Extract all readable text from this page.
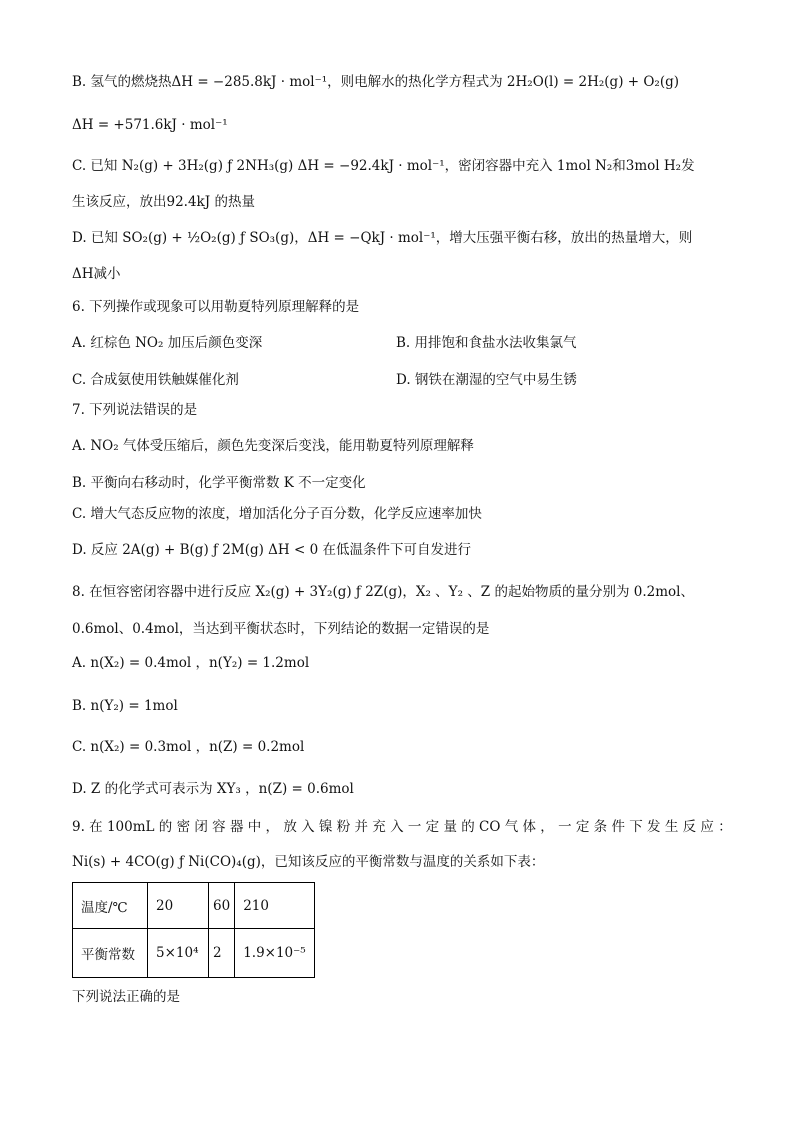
B. 氢气的燃烧热ΔH = −285.8kJ · mol⁻¹，则电解水的热化学方程式为 2H₂O(l) = 2H₂(g) + O₂(g)
ΔH = +571.6kJ · mol⁻¹
C. 已知 N₂(g) + 3H₂(g) ƒ 2NH₃(g) ΔH = −92.4kJ · mol⁻¹，密闭容器中充入 1mol N₂和3mol H₂发
生该反应，放出92.4kJ 的热量
D. 已知 SO₂(g) + ½O₂(g) ƒ SO₃(g)，ΔH = −QkJ · mol⁻¹，增大压强平衡右移，放出的热量增大，则
ΔH减小
6. 下列操作或现象可以用勒夏特列原理解释的是
A. 红棕色 NO₂ 加压后颜色变深	B. 用排饱和食盐水法收集氯气
C. 合成氨使用铁触媒催化剂	D. 钢铁在潮湿的空气中易生锈
7. 下列说法错误的是
A. NO₂ 气体受压缩后，颜色先变深后变浅，能用勒夏特列原理解释
B. 平衡向右移动时，化学平衡常数 K 不一定变化
C. 增大气态反应物的浓度，增加活化分子百分数，化学反应速率加快
D. 反应 2A(g) + B(g) ƒ 2M(g) ΔH < 0 在低温条件下可自发进行
8. 在恒容密闭容器中进行反应 X₂(g) + 3Y₂(g) ƒ 2Z(g)，X₂ 、Y₂ 、Z 的起始物质的量分别为 0.2mol、
0.6mol、0.4mol，当达到平衡状态时，下列结论的数据一定错误的是
A. n(X₂) = 0.4mol ，n(Y₂) = 1.2mol
B. n(Y₂) = 1mol
C. n(X₂) = 0.3mol ，n(Z) = 0.2mol
D. Z 的化学式可表示为 XY₃ ，n(Z) = 0.6mol
9. 在 100mL 的 密 闭 容 器 中 ， 放 入 镍 粉 并 充 入 一 定 量 的 CO 气 体 ， 一 定 条 件 下 发 生 反 应 ：
Ni(s) + 4CO(g) ƒ Ni(CO)₄(g)，已知该反应的平衡常数与温度的关系如下表：
温度/℃	20	60	210
平衡常数	5×10⁴	2	1.9×10⁻⁵
下列说法正确的是
